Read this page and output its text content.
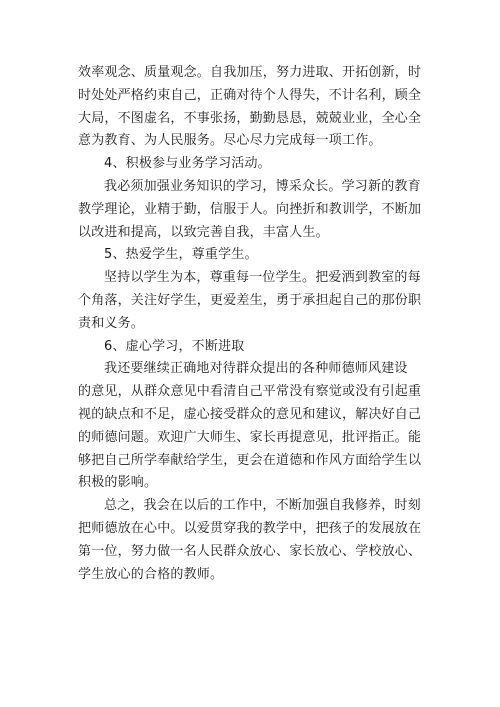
效率观念、质量观念。自我加压，努力进取、开拓创新，时
时处处严格约束自己，正确对待个人得失，不计名利，顾全
大局，不图虚名，不事张扬，勤勤恳恳，兢兢业业，全心全
意为教育、为人民服务。尽心尽力完成每一项工作。
4、积极参与业务学习活动。
我必须加强业务知识的学习，博采众长。学习新的教育
教学理论，业精于勤，信服于人。向挫折和教训学，不断加
以改进和提高，以致完善自我，丰富人生。
5、热爱学生，尊重学生。
坚持以学生为本，尊重每一位学生。把爱洒到教室的每
个角落，关注好学生，更爱差生，勇于承担起自己的那份职
责和义务。
6、虚心学习，不断进取
我还要继续正确地对待群众提出的各种师德师风建设
的意见，从群众意见中看清自己平常没有察觉或没有引起重
视的缺点和不足，虚心接受群众的意见和建议，解决好自己
的师德问题。欢迎广大师生、家长再提意见，批评指正。能
够把自己所学奉献给学生，更会在道德和作风方面给学生以
积极的影响。
总之，我会在以后的工作中，不断加强自我修养，时刻
把师德放在心中。以爱贯穿我的教学中，把孩子的发展放在
第一位，努力做一名人民群众放心、家长放心、学校放心、
学生放心的合格的教师。
